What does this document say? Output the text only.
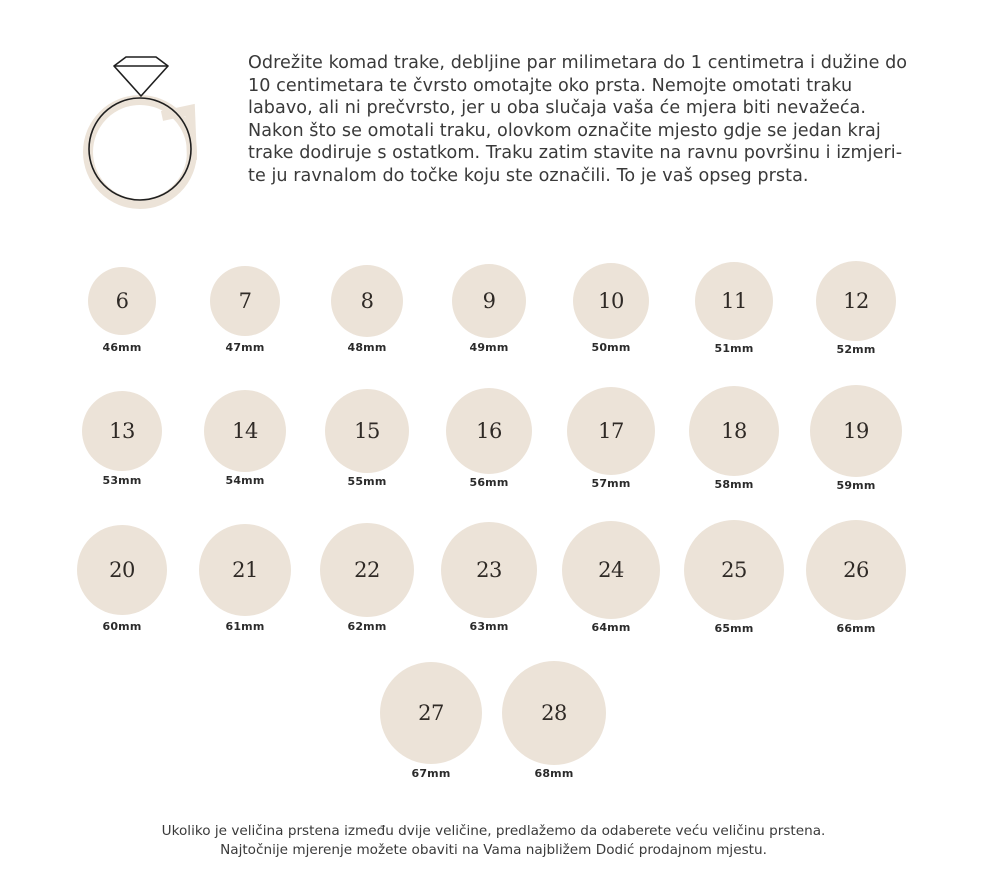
Odrežite komad trake, debljine par milimetara do 1 centimetra i dužine do 10 centimetara te čvrsto omotajte oko prsta. Nemojte omotati traku labavo, ali ni prečvrsto, jer u oba slučaja vaša će mjera biti nevažeća. Nakon što se omotali traku, olovkom označite mjesto gdje se jedan kraj trake dodiruje s ostatkom. Traku zatim stavite na ravnu površinu i izmjeri-te ju ravnalom do točke koju ste označili. To je vaš opseg prsta.

6
46mm
7
47mm
8
48mm
9
49mm
10
50mm
11
51mm
12
52mm
13
53mm
14
54mm
15
55mm
16
56mm
17
57mm
18
58mm
19
59mm
20
60mm
21
61mm
22
62mm
23
63mm
24
64mm
25
65mm
26
66mm
27
67mm
28
68mm

Ukoliko je veličina prstena između dvije veličine, predlažemo da odaberete veću veličinu prstena.

Najtočnije mjerenje možete obaviti na Vama najbližem Dodić prodajnom mjestu.
